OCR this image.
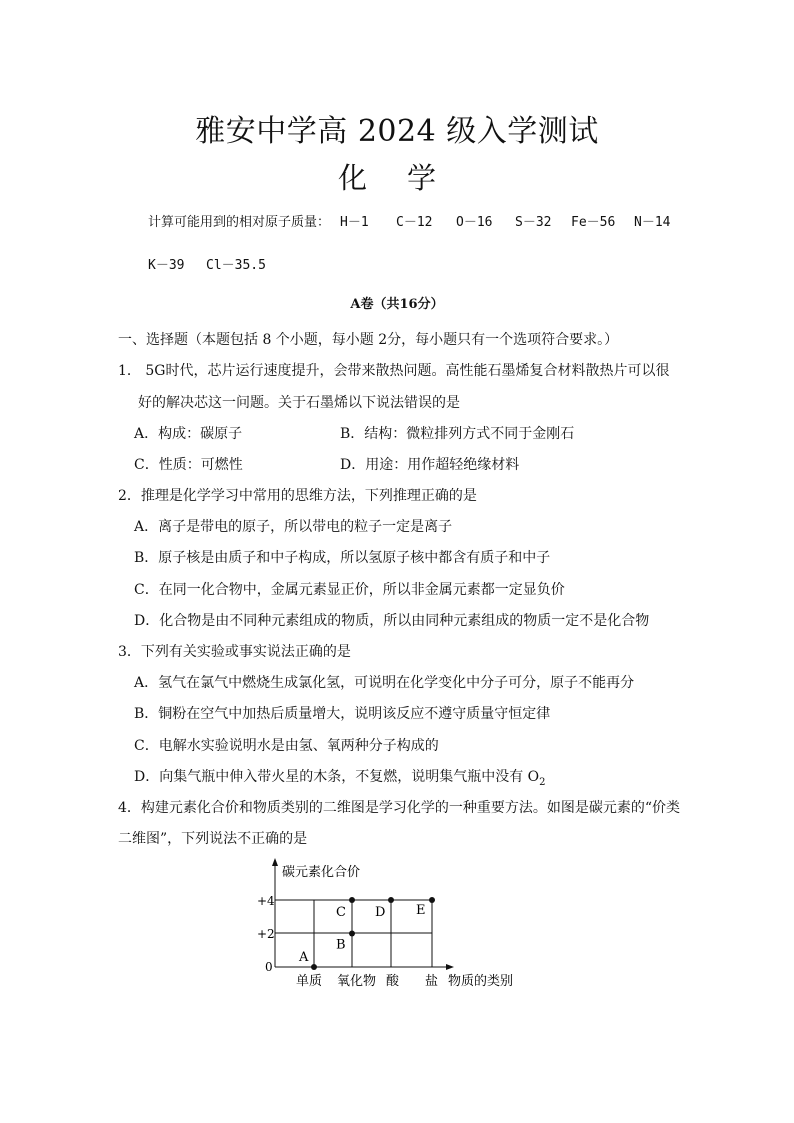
雅安中学高 2024 级入学测试
化学
计算可能用到的相对原子质量： H－1 C－12 O－16 S－32 Fe－56 N－14
K－39 Cl－35.5
A卷（共16分）
一、选择题（本题包括 8 个小题，每小题 2分，每小题只有一个选项符合要求。）
1． 5G时代，芯片运行速度提升，会带来散热问题。高性能石墨烯复合材料散热片可以很
好的解决芯这一问题。关于石墨烯以下说法错误的是
A．构成：碳原子	B．结构：微粒排列方式不同于金刚石
C．性质：可燃性	D．用途：用作超轻绝缘材料
2．推理是化学学习中常用的思维方法，下列推理正确的是
A．离子是带电的原子，所以带电的粒子一定是离子
B．原子核是由质子和中子构成，所以氢原子核中都含有质子和中子
C．在同一化合物中，金属元素显正价，所以非金属元素都一定显负价
D．化合物是由不同种元素组成的物质，所以由同种元素组成的物质一定不是化合物
3．下列有关实验或事实说法正确的是
A．氢气在氯气中燃烧生成氯化氢，可说明在化学变化中分子可分，原子不能再分
B．铜粉在空气中加热后质量增大，说明该反应不遵守质量守恒定律
C．电解水实验说明水是由氢、氧两种分子构成的
D．向集气瓶中伸入带火星的木条，不复燃，说明集气瓶中没有 $O_2$
4．构建元素化合价和物质类别的二维图是学习化学的一种重要方法。如图是碳元素的“价类
二维图”，下列说法不正确的是
碳元素化合价
+4
+2
0
单质 氧化物 酸 盐 物质的类别
A
B
C D E
